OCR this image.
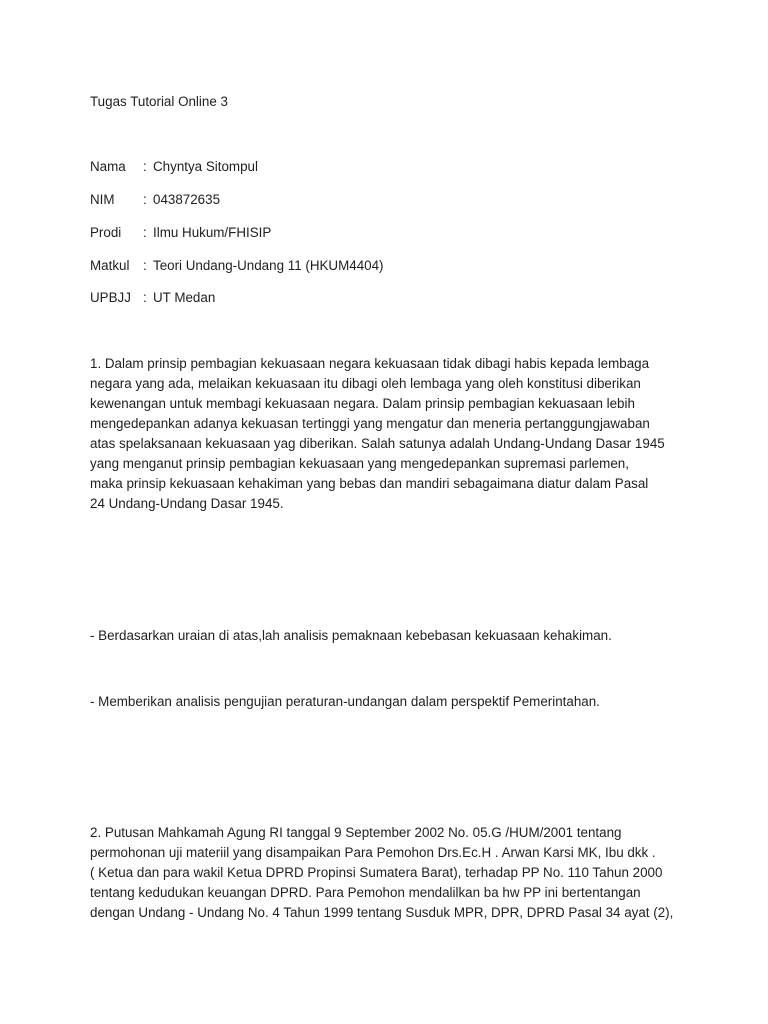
Tugas Tutorial Online 3
Nama : Chyntya Sitompul
NIM : 043872635
Prodi : Ilmu Hukum/FHISIP
Matkul : Teori Undang-Undang 11 (HKUM4404)
UPBJJ : UT Medan
1. Dalam prinsip pembagian kekuasaan negara kekuasaan tidak dibagi habis kepada lembaga
negara yang ada, melaikan kekuasaan itu dibagi oleh lembaga yang oleh konstitusi diberikan
kewenangan untuk membagi kekuasaan negara. Dalam prinsip pembagian kekuasaan lebih
mengedepankan adanya kekuasan tertinggi yang mengatur dan meneria pertanggungjawaban
atas spelaksanaan kekuasaan yag diberikan. Salah satunya adalah Undang-Undang Dasar 1945
yang menganut prinsip pembagian kekuasaan yang mengedepankan supremasi parlemen,
maka prinsip kekuasaan kehakiman yang bebas dan mandiri sebagaimana diatur dalam Pasal
24 Undang-Undang Dasar 1945.
- Berdasarkan uraian di atas,lah analisis pemaknaan kebebasan kekuasaan kehakiman.
- Memberikan analisis pengujian peraturan-undangan dalam perspektif Pemerintahan.
2. Putusan Mahkamah Agung RI tanggal 9 September 2002 No. 05.G /HUM/2001 tentang
permohonan uji materiil yang disampaikan Para Pemohon Drs.Ec.H . Arwan Karsi MK, Ibu dkk .
( Ketua dan para wakil Ketua DPRD Propinsi Sumatera Barat), terhadap PP No. 110 Tahun 2000
tentang kedudukan keuangan DPRD. Para Pemohon mendalilkan ba hw PP ini bertentangan
dengan Undang - Undang No. 4 Tahun 1999 tentang Susduk MPR, DPR, DPRD Pasal 34 ayat (2),
